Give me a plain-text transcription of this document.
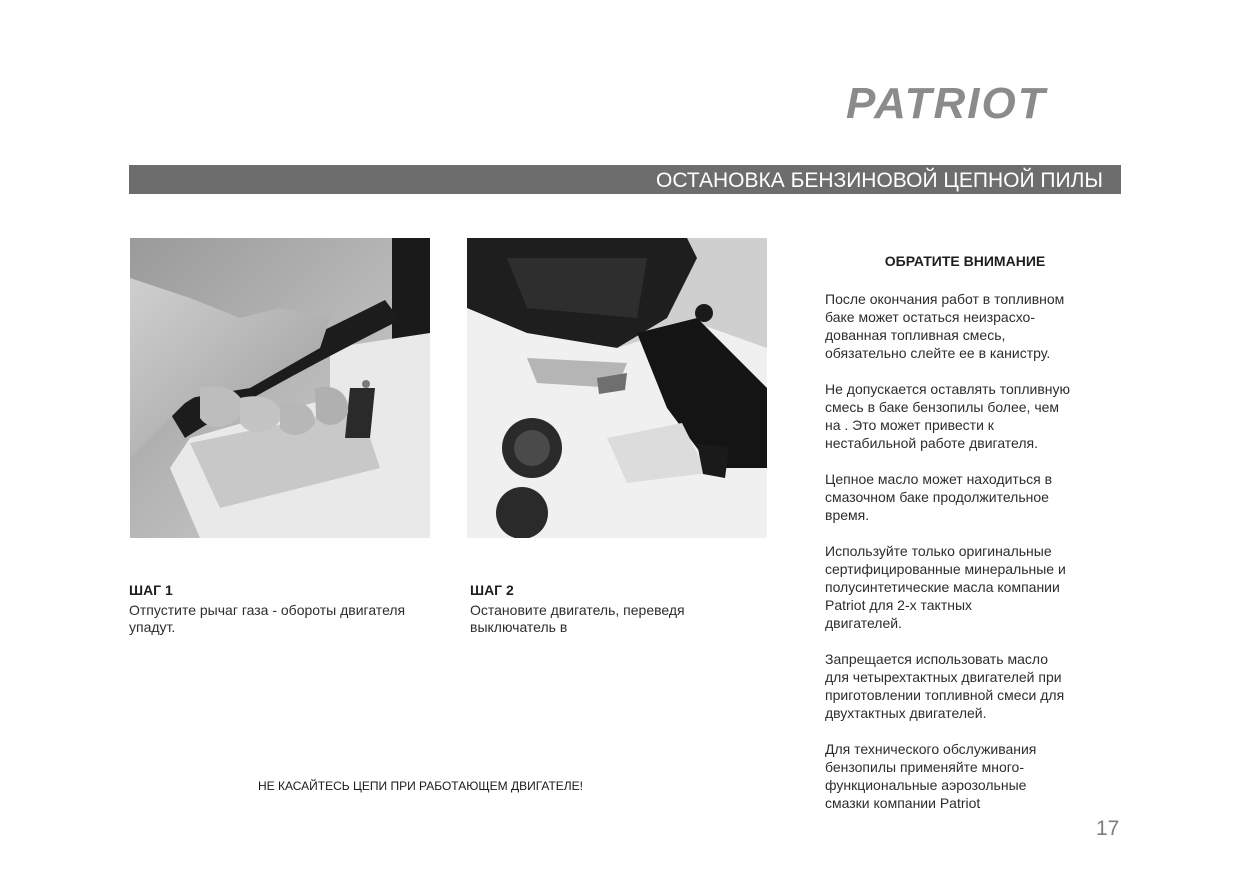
PATRIOT
ОСТАНОВКА БЕНЗИНОВОЙ ЦЕПНОЙ ПИЛЫ
ШАГ 1
Отпустите рычаг газа - обороты двигателя упадут.
ШАГ 2
Остановите двигатель, переведя выключатель в
НЕ КАСАЙТЕСЬ ЦЕПИ ПРИ РАБОТАЮЩЕМ ДВИГАТЕЛЕ!
ОБРАТИТЕ ВНИМАНИЕ

После окончания работ в топливном
баке может остаться неизрасхо-
дованная топливная смесь,
обязательно слейте ее в канистру.

Не допускается оставлять топливную
смесь в баке бензопилы более, чем
на . Это может привести к
нестабильной работе двигателя.

Цепное масло может находиться в
смазочном баке продолжительное
время.

Используйте только оригинальные
сертифицированные минеральные и
полусинтетические масла компании
Patriot для 2-х тактных
двигателей.

Запрещается использовать масло
для четырехтактных двигателей при
приготовлении топливной смеси для
двухтактных двигателей.

Для технического обслуживания
бензопилы применяйте много-
функциональные аэрозольные
смазки компании Patriot

17
